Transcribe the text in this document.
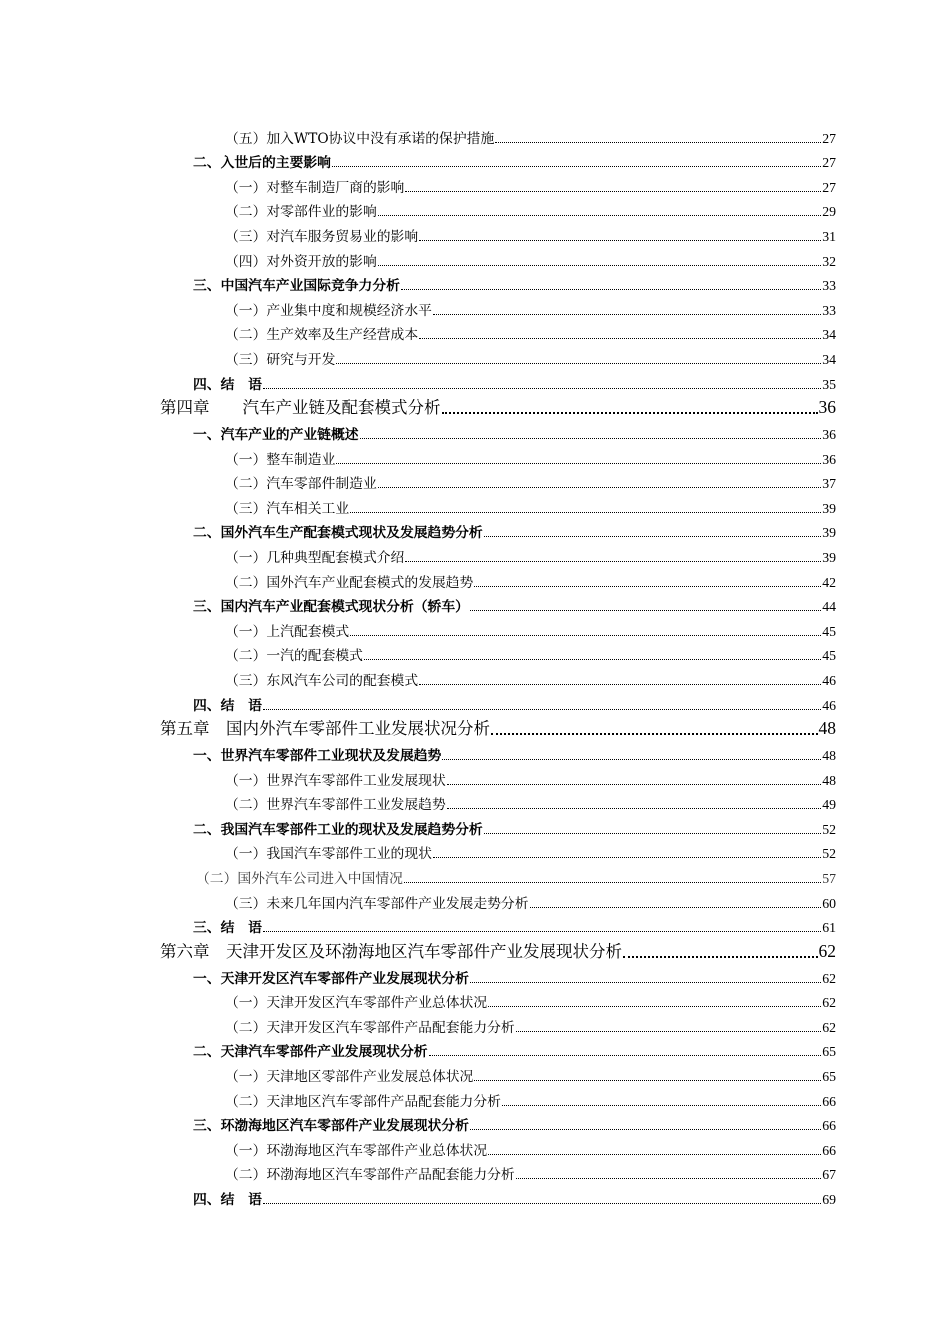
（五）加入WTO协议中没有承诺的保护措施	27
二、入世后的主要影响	27
（一）对整车制造厂商的影响	27
（二）对零部件业的影响	29
（三）对汽车服务贸易业的影响	31
（四）对外资开放的影响	32
三、中国汽车产业国际竞争力分析	33
（一）产业集中度和规模经济水平	33
（二）生产效率及生产经营成本	34
（三）研究与开发	34
四、结　语	35
第四章　　汽车产业链及配套模式分析	36
一、汽车产业的产业链概述	36
（一）整车制造业	36
（二）汽车零部件制造业	37
（三）汽车相关工业	39
二、国外汽车生产配套模式现状及发展趋势分析	39
（一）几种典型配套模式介绍	39
（二）国外汽车产业配套模式的发展趋势	42
三、国内汽车产业配套模式现状分析（轿车）	44
（一）上汽配套模式	45
（二）一汽的配套模式	45
（三）东风汽车公司的配套模式	46
四、结　语	46
第五章　国内外汽车零部件工业发展状况分析	48
一、世界汽车零部件工业现状及发展趋势	48
（一）世界汽车零部件工业发展现状	48
（二）世界汽车零部件工业发展趋势	49
二、我国汽车零部件工业的现状及发展趋势分析	52
（一）我国汽车零部件工业的现状	52
（二）国外汽车公司进入中国情况	57
（三）未来几年国内汽车零部件产业发展走势分析	60
三、结　语	61
第六章　天津开发区及环渤海地区汽车零部件产业发展现状分析	62
一、天津开发区汽车零部件产业发展现状分析	62
（一）天津开发区汽车零部件产业总体状况	62
（二）天津开发区汽车零部件产品配套能力分析	62
二、天津汽车零部件产业发展现状分析	65
（一）天津地区零部件产业发展总体状况	65
（二）天津地区汽车零部件产品配套能力分析	66
三、环渤海地区汽车零部件产业发展现状分析	66
（一）环渤海地区汽车零部件产业总体状况	66
（二）环渤海地区汽车零部件产品配套能力分析	67
四、结　语	69
